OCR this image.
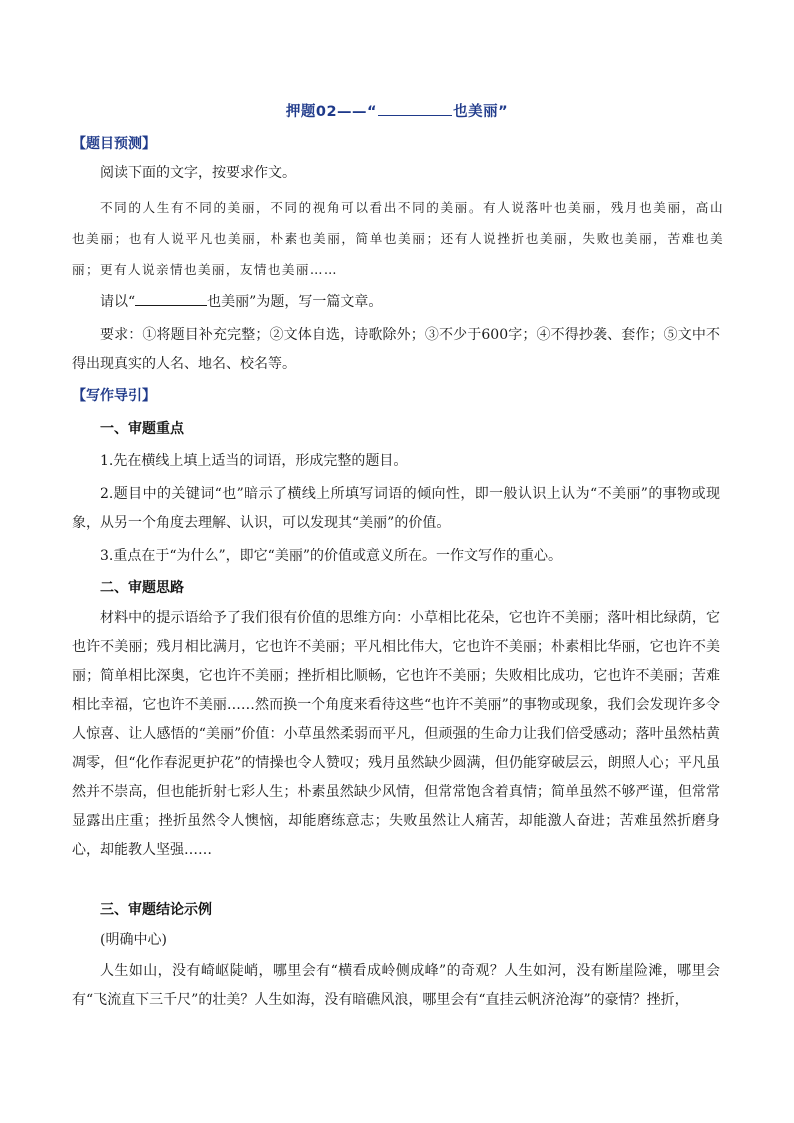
押题02——“	也美丽”
【题目预测】
阅读下面的文字，按要求作文。
不同的人生有不同的美丽，不同的视角可以看出不同的美丽。有人说落叶也美丽，残月也美丽，高山也美丽；也有人说平凡也美丽，朴素也美丽，简单也美丽；还有人说挫折也美丽，失败也美丽，苦难也美丽；更有人说亲情也美丽，友情也美丽……
请以“	也美丽”为题，写一篇文章。
要求：①将题目补充完整；②文体自选，诗歌除外；③不少于600字；④不得抄袭、套作；⑤文中不得出现真实的人名、地名、校名等。
【写作导引】
一、审题重点
1.先在横线上填上适当的词语，形成完整的题目。
2.题目中的关键词“也”暗示了横线上所填写词语的倾向性，即一般认识上认为“不美丽”的事物或现象，从另一个角度去理解、认识，可以发现其“美丽”的价值。
3.重点在于“为什么”，即它“美丽”的价值或意义所在。一作文写作的重心。
二、审题思路
材料中的提示语给予了我们很有价值的思维方向：小草相比花朵，它也许不美丽；落叶相比绿荫，它也许不美丽；残月相比满月，它也许不美丽；平凡相比伟大，它也许不美丽；朴素相比华丽，它也许不美丽；简单相比深奥，它也许不美丽；挫折相比顺畅，它也许不美丽；失败相比成功，它也许不美丽；苦难相比幸福，它也许不美丽……然而换一个角度来看待这些“也许不美丽”的事物或现象，我们会发现许多令人惊喜、让人感悟的“美丽”价值：小草虽然柔弱而平凡，但顽强的生命力让我们倍受感动；落叶虽然枯黄凋零，但“化作春泥更护花”的情操也令人赞叹；残月虽然缺少圆满，但仍能穿破层云，朗照人心；平凡虽然并不崇高，但也能折射七彩人生；朴素虽然缺少风情，但常常饱含着真情；简单虽然不够严谨，但常常显露出庄重；挫折虽然令人懊恼，却能磨练意志；失败虽然让人痛苦，却能激人奋进；苦难虽然折磨身心，却能教人坚强……
三、审题结论示例
(明确中心)
人生如山，没有崎岖陡峭，哪里会有“横看成岭侧成峰”的奇观？人生如河，没有断崖险滩，哪里会有“飞流直下三千尺”的壮美？人生如海，没有暗礁风浪，哪里会有“直挂云帆济沧海”的豪情？挫折，
